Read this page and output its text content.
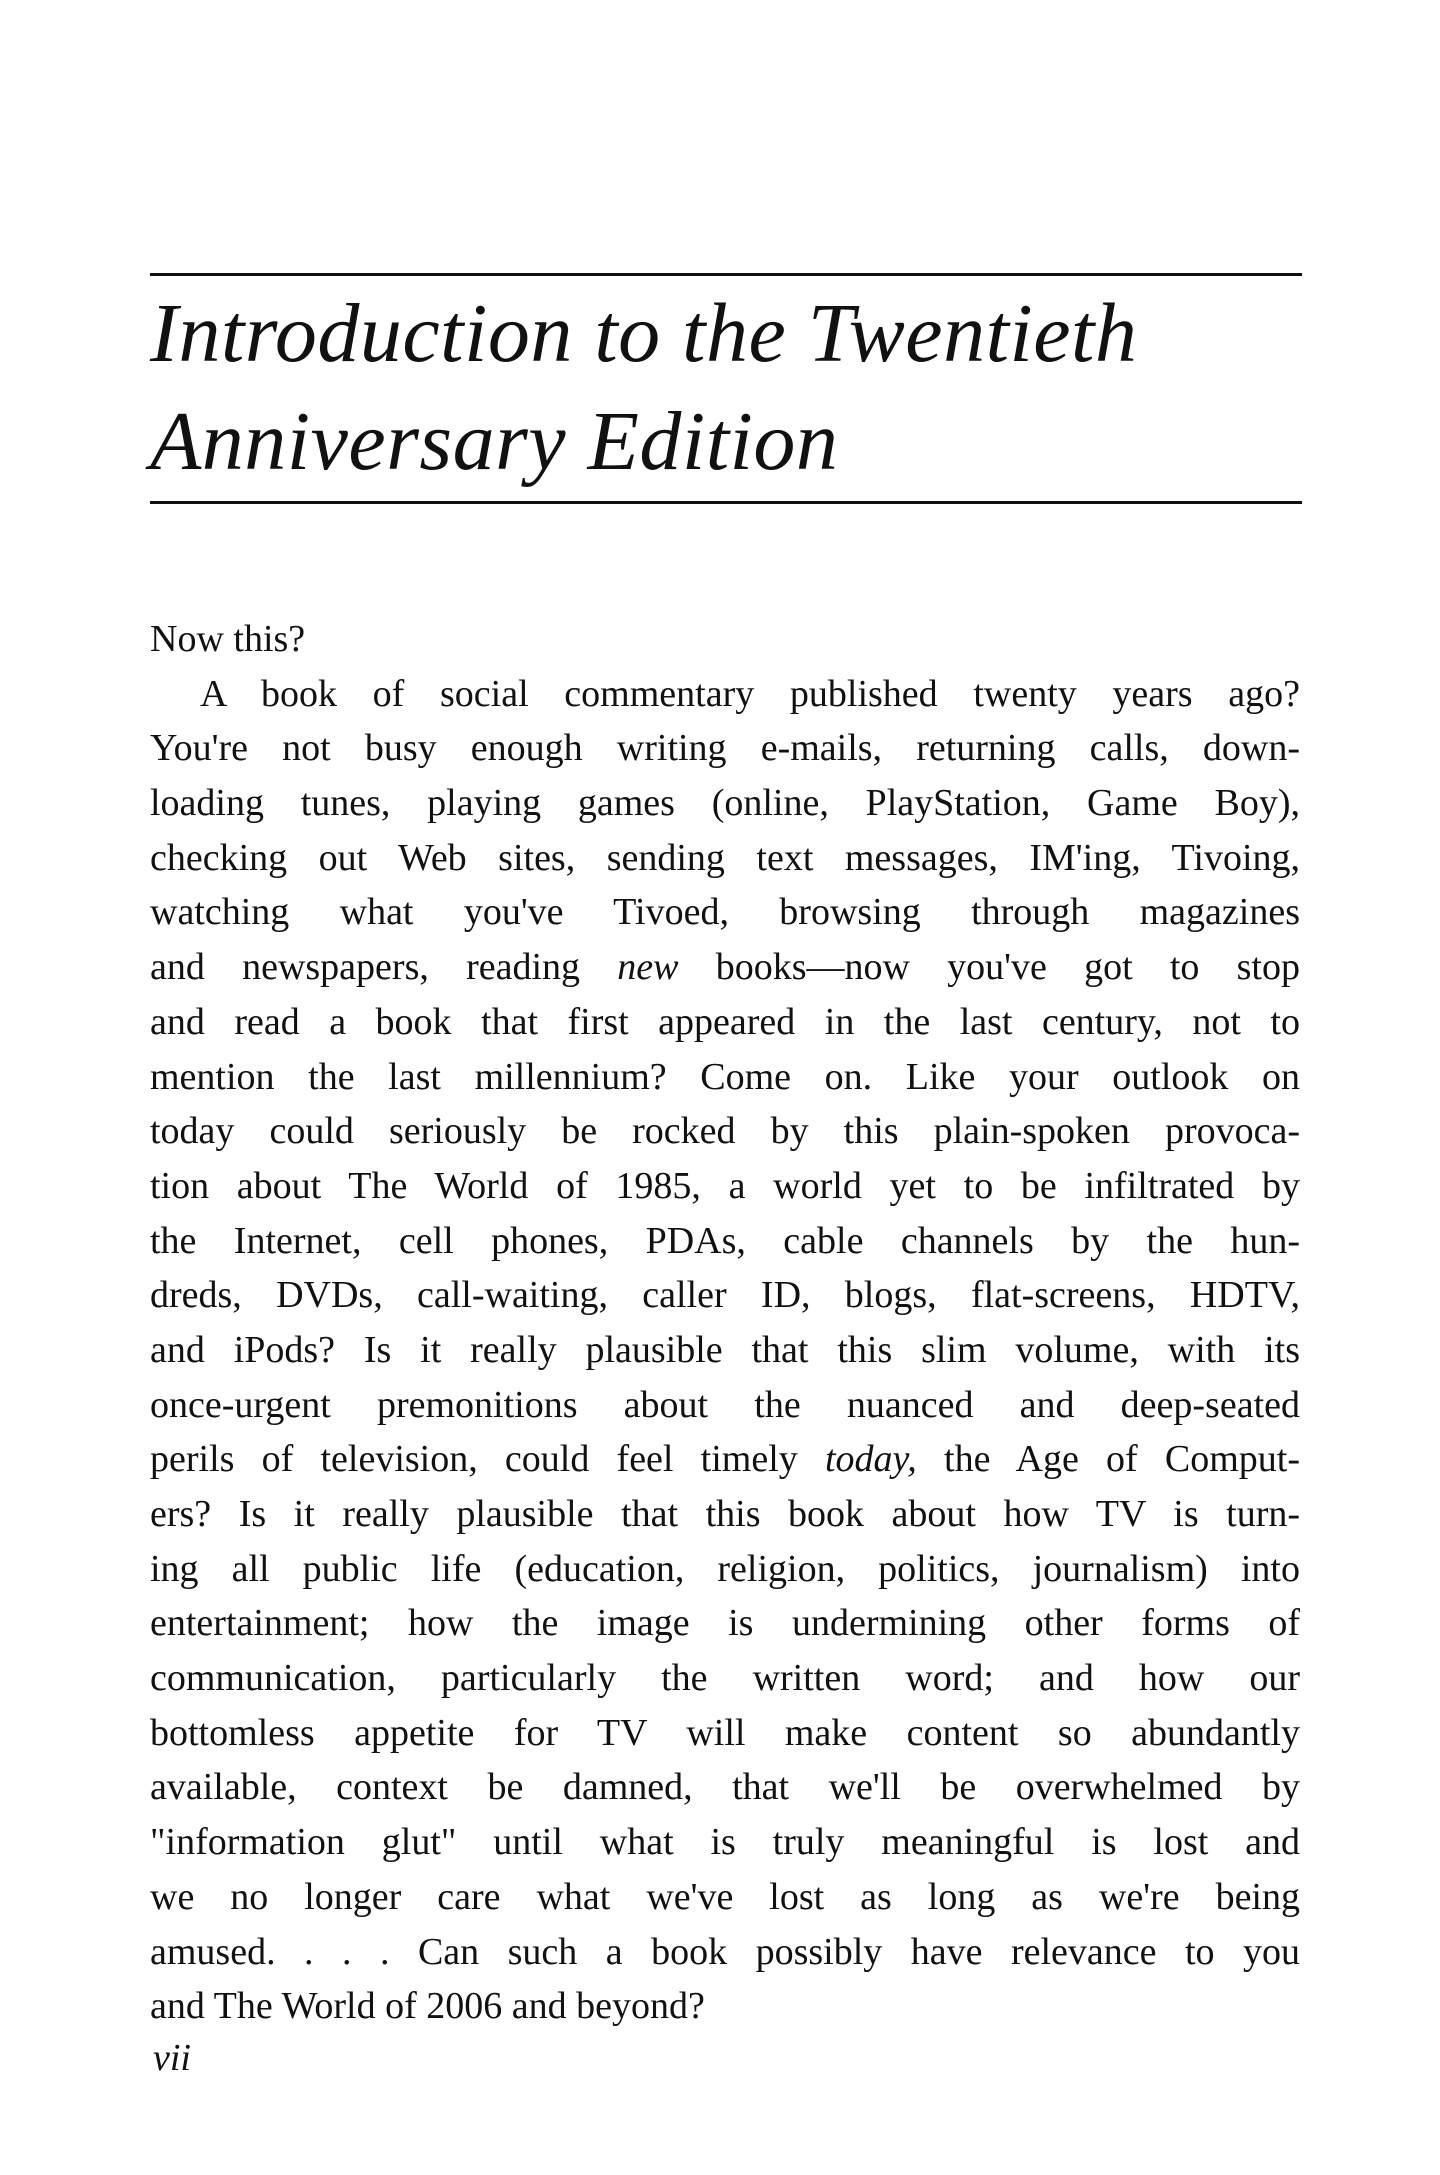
Introduction to the Twentieth
Anniversary Edition
Now this?
A book of social commentary published twenty years ago?
You're not busy enough writing e-mails, returning calls, down-
loading tunes, playing games (online, PlayStation, Game Boy),
checking out Web sites, sending text messages, IM'ing, Tivoing,
watching what you've Tivoed, browsing through magazines
and newspapers, reading new books—now you've got to stop
and read a book that first appeared in the last century, not to
mention the last millennium? Come on. Like your outlook on
today could seriously be rocked by this plain-spoken provoca-
tion about The World of 1985, a world yet to be infiltrated by
the Internet, cell phones, PDAs, cable channels by the hun-
dreds, DVDs, call-waiting, caller ID, blogs, flat-screens, HDTV,
and iPods? Is it really plausible that this slim volume, with its
once-urgent premonitions about the nuanced and deep-seated
perils of television, could feel timely today, the Age of Comput-
ers? Is it really plausible that this book about how TV is turn-
ing all public life (education, religion, politics, journalism) into
entertainment; how the image is undermining other forms of
communication, particularly the written word; and how our
bottomless appetite for TV will make content so abundantly
available, context be damned, that we'll be overwhelmed by
"information glut" until what is truly meaningful is lost and
we no longer care what we've lost as long as we're being
amused. . . . Can such a book possibly have relevance to you
and The World of 2006 and beyond?
vii
